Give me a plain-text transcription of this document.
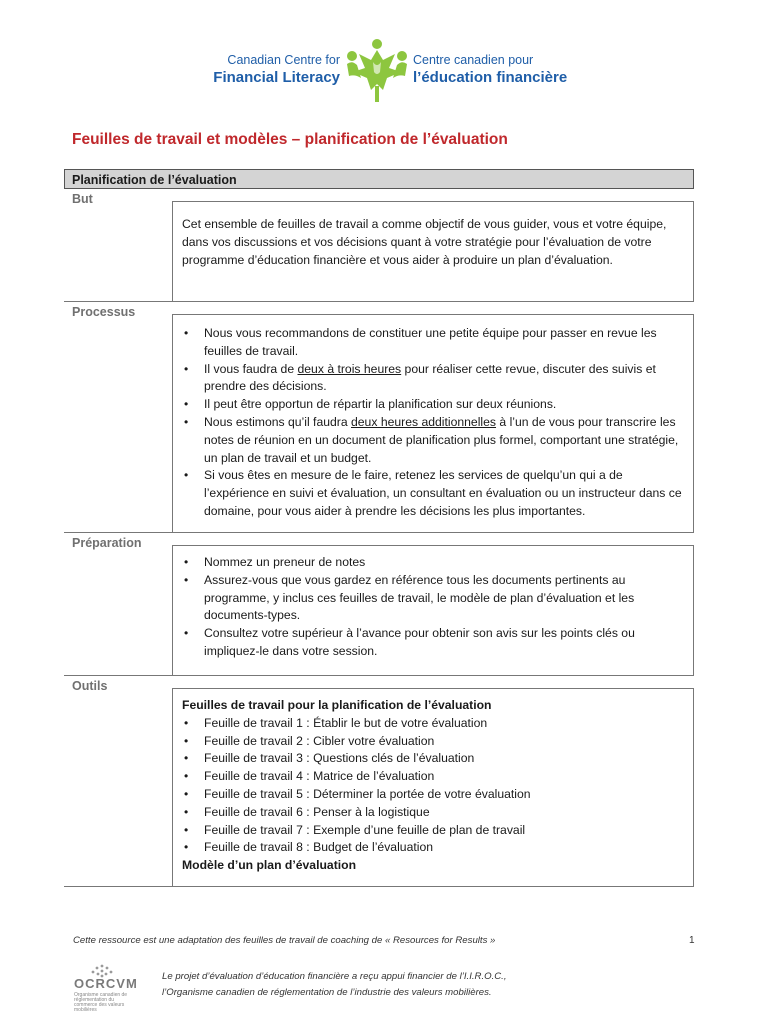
Canadian Centre for
Financial Literacy
Centre canadien pour
l’éducation financière
Feuilles de travail et modèles – planification de l’évaluation
Planification de l’évaluation
But

Cet ensemble de feuilles de travail a comme objectif de vous guider, vous et votre équipe, dans vos discussions et vos décisions quant à votre stratégie pour l’évaluation de votre programme d’éducation financière et vous aider à produire un plan d’évaluation.

Processus
• Nous vous recommandons de constituer une petite équipe pour passer en revue les feuilles de travail.
• Il vous faudra de deux à trois heures pour réaliser cette revue, discuter des suivis et prendre des décisions.
• Il peut être opportun de répartir la planification sur deux réunions.
• Nous estimons qu’il faudra deux heures additionnelles à l’un de vous pour transcrire les notes de réunion en un document de planification plus formel, comportant une stratégie, un plan de travail et un budget.
• Si vous êtes en mesure de le faire, retenez les services de quelqu’un qui a de l’expérience en suivi et évaluation, un consultant en évaluation ou un instructeur dans ce domaine, pour vous aider à prendre les décisions les plus importantes.
Préparation
• Nommez un preneur de notes
• Assurez-vous que vous gardez en référence tous les documents pertinents au programme, y inclus ces feuilles de travail, le modèle de plan d’évaluation et les documents-types.
• Consultez votre supérieur à l’avance pour obtenir son avis sur les points clés ou impliquez-le dans votre session.
Outils

Feuilles de travail pour la planification de l’évaluation

• Feuille de travail 1 : Établir le but de votre évaluation
• Feuille de travail 2 : Cibler votre évaluation
• Feuille de travail 3 : Questions clés de l’évaluation
• Feuille de travail 4 : Matrice de l’évaluation
• Feuille de travail 5 : Déterminer la portée de votre évaluation
• Feuille de travail 6 : Penser à la logistique
• Feuille de travail 7 : Exemple d’une feuille de plan de travail
• Feuille de travail 8 : Budget de l’évaluation

Modèle d’un plan d’évaluation

Cette ressource est une adaptation des feuilles de travail de coaching de « Resources for Results »	1
OCRCVM
Organisme canadien de réglementation du commerce des valeurs mobilières
Le projet d’évaluation d’éducation financière a reçu appui financier de l’I.I.R.O.C.,
l’Organisme canadien de réglementation de l’industrie des valeurs mobilières.
